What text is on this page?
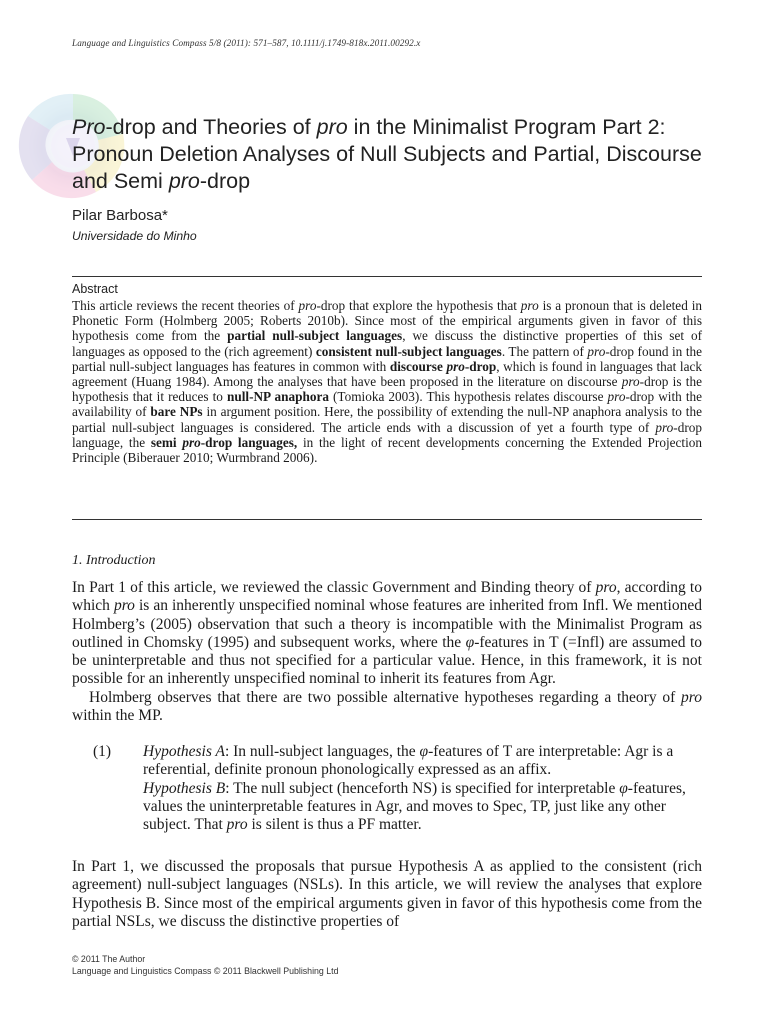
Language and Linguistics Compass 5/8 (2011): 571–587, 10.1111/j.1749-818x.2011.00292.x
Pro-drop and Theories of pro in the Minimalist Program Part 2: Pronoun Deletion Analyses of Null Subjects and Partial, Discourse and Semi pro-drop
Pilar Barbosa*
Universidade do Minho
Abstract

This article reviews the recent theories of pro-drop that explore the hypothesis that pro is a pronoun that is deleted in Phonetic Form (Holmberg 2005; Roberts 2010b). Since most of the empirical arguments given in favor of this hypothesis come from the partial null-subject languages, we discuss the distinctive properties of this set of languages as opposed to the (rich agreement) consistent null-subject languages. The pattern of pro-drop found in the partial null-subject languages has features in common with discourse pro-drop, which is found in languages that lack agreement (Huang 1984). Among the analyses that have been proposed in the literature on discourse pro-drop is the hypothesis that it reduces to null-NP anaphora (Tomioka 2003). This hypothesis relates discourse pro-drop with the availability of bare NPs in argument position. Here, the possibility of extending the null-NP anaphora analysis to the partial null-subject languages is considered. The article ends with a discussion of yet a fourth type of pro-drop language, the semi pro-drop languages, in the light of recent developments concerning the Extended Projection Principle (Biberauer 2010; Wurmbrand 2006).

1. Introduction

In Part 1 of this article, we reviewed the classic Government and Binding theory of pro, according to which pro is an inherently unspecified nominal whose features are inherited from Infl. We mentioned Holmberg’s (2005) observation that such a theory is incompatible with the Minimalist Program as outlined in Chomsky (1995) and subsequent works, where the φ-features in T (=Infl) are assumed to be uninterpretable and thus not specified for a particular value. Hence, in this framework, it is not possible for an inherently unspecified nominal to inherit its features from Agr.

Holmberg observes that there are two possible alternative hypotheses regarding a theory of pro within the MP.

(1) Hypothesis A: In null-subject languages, the φ-features of T are interpretable: Agr is a referential, definite pronoun phonologically expressed as an affix.
Hypothesis B: The null subject (henceforth NS) is specified for interpretable φ-features, values the uninterpretable features in Agr, and moves to Spec, TP, just like any other subject. That pro is silent is thus a PF matter.

In Part 1, we discussed the proposals that pursue Hypothesis A as applied to the consistent (rich agreement) null-subject languages (NSLs). In this article, we will review the analyses that explore Hypothesis B. Since most of the empirical arguments given in favor of this hypothesis come from the partial NSLs, we discuss the distinctive properties of

© 2011 The Author
Language and Linguistics Compass © 2011 Blackwell Publishing Ltd
